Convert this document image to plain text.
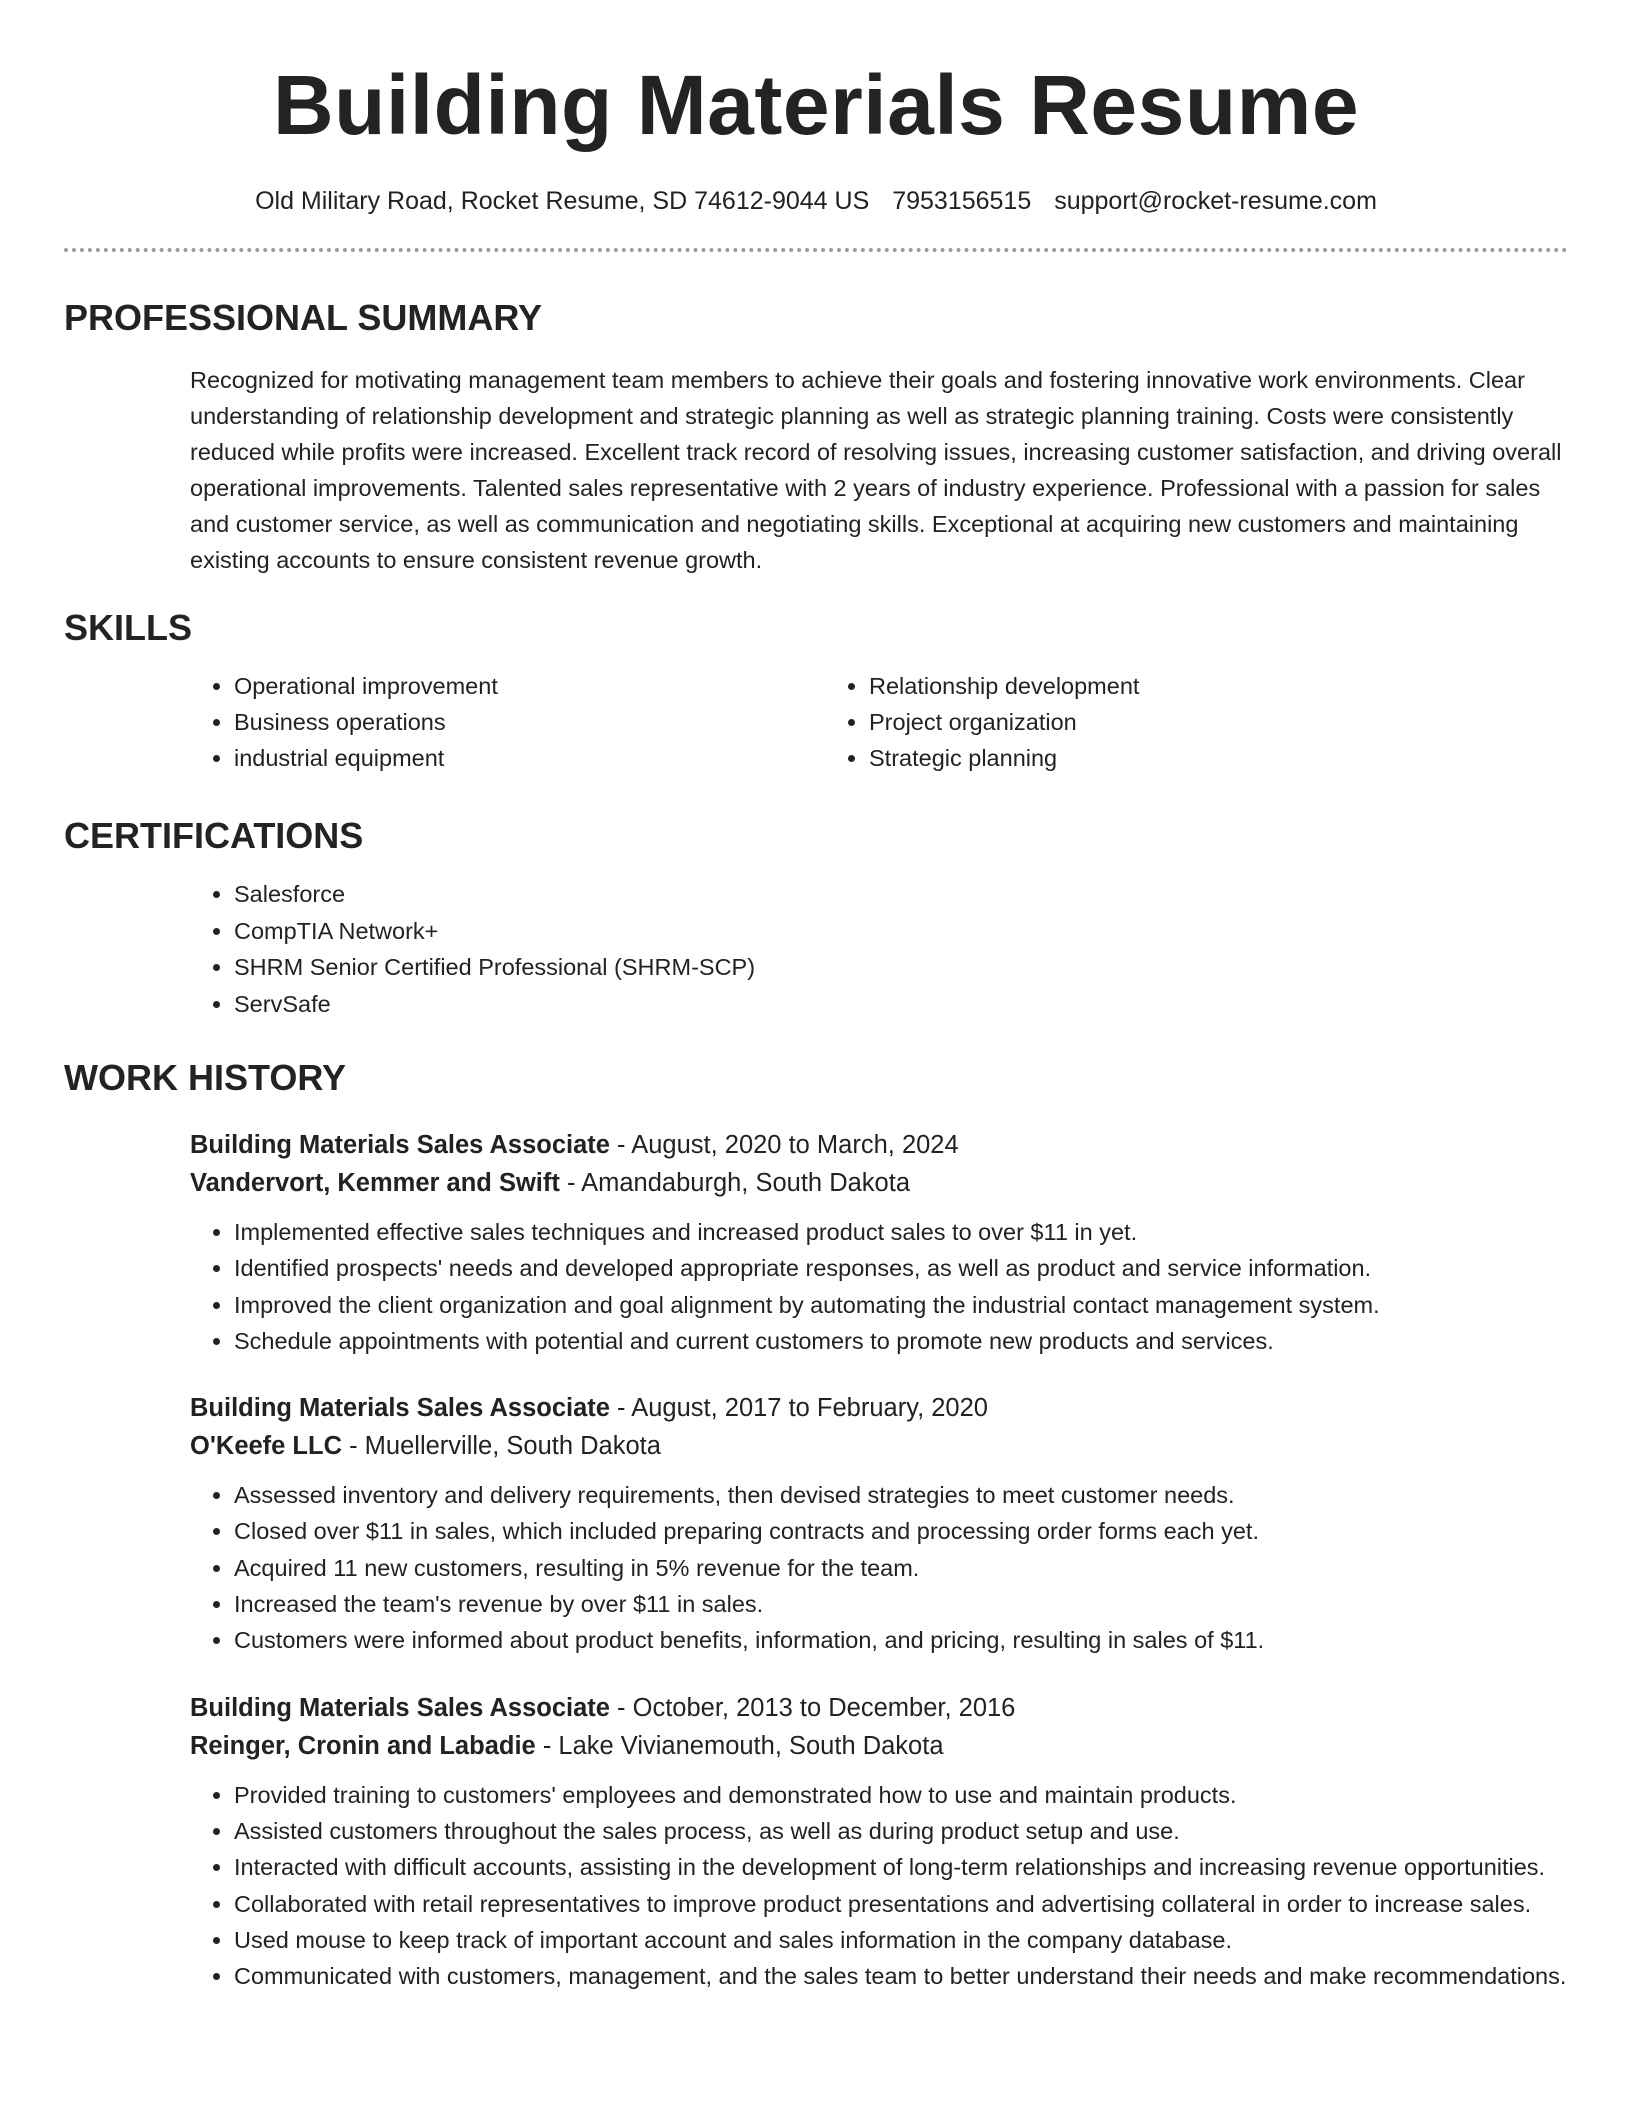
Building Materials Resume
Old Military Road, Rocket Resume, SD 74612-9044 US 7953156515 support@rocket-resume.com
PROFESSIONAL SUMMARY
Recognized for motivating management team members to achieve their goals and fostering innovative work environments. Clear understanding of relationship development and strategic planning as well as strategic planning training. Costs were consistently reduced while profits were increased. Excellent track record of resolving issues, increasing customer satisfaction, and driving overall operational improvements. Talented sales representative with 2 years of industry experience. Professional with a passion for sales and customer service, as well as communication and negotiating skills. Exceptional at acquiring new customers and maintaining existing accounts to ensure consistent revenue growth.
SKILLS
• Operational improvement
• Business operations
• industrial equipment
• Relationship development
• Project organization
• Strategic planning
CERTIFICATIONS
• Salesforce
• CompTIA Network+
• SHRM Senior Certified Professional (SHRM-SCP)
• ServSafe
WORK HISTORY
Building Materials Sales Associate - August, 2020 to March, 2024
Vandervort, Kemmer and Swift - Amandaburgh, South Dakota
• Implemented effective sales techniques and increased product sales to over $11 in yet.
• Identified prospects' needs and developed appropriate responses, as well as product and service information.
• Improved the client organization and goal alignment by automating the industrial contact management system.
• Schedule appointments with potential and current customers to promote new products and services.
Building Materials Sales Associate - August, 2017 to February, 2020
O'Keefe LLC - Muellerville, South Dakota
• Assessed inventory and delivery requirements, then devised strategies to meet customer needs.
• Closed over $11 in sales, which included preparing contracts and processing order forms each yet.
• Acquired 11 new customers, resulting in 5% revenue for the team.
• Increased the team's revenue by over $11 in sales.
• Customers were informed about product benefits, information, and pricing, resulting in sales of $11.
Building Materials Sales Associate - October, 2013 to December, 2016
Reinger, Cronin and Labadie - Lake Vivianemouth, South Dakota
• Provided training to customers' employees and demonstrated how to use and maintain products.
• Assisted customers throughout the sales process, as well as during product setup and use.
• Interacted with difficult accounts, assisting in the development of long-term relationships and increasing revenue opportunities.
• Collaborated with retail representatives to improve product presentations and advertising collateral in order to increase sales.
• Used mouse to keep track of important account and sales information in the company database.
• Communicated with customers, management, and the sales team to better understand their needs and make recommendations.
